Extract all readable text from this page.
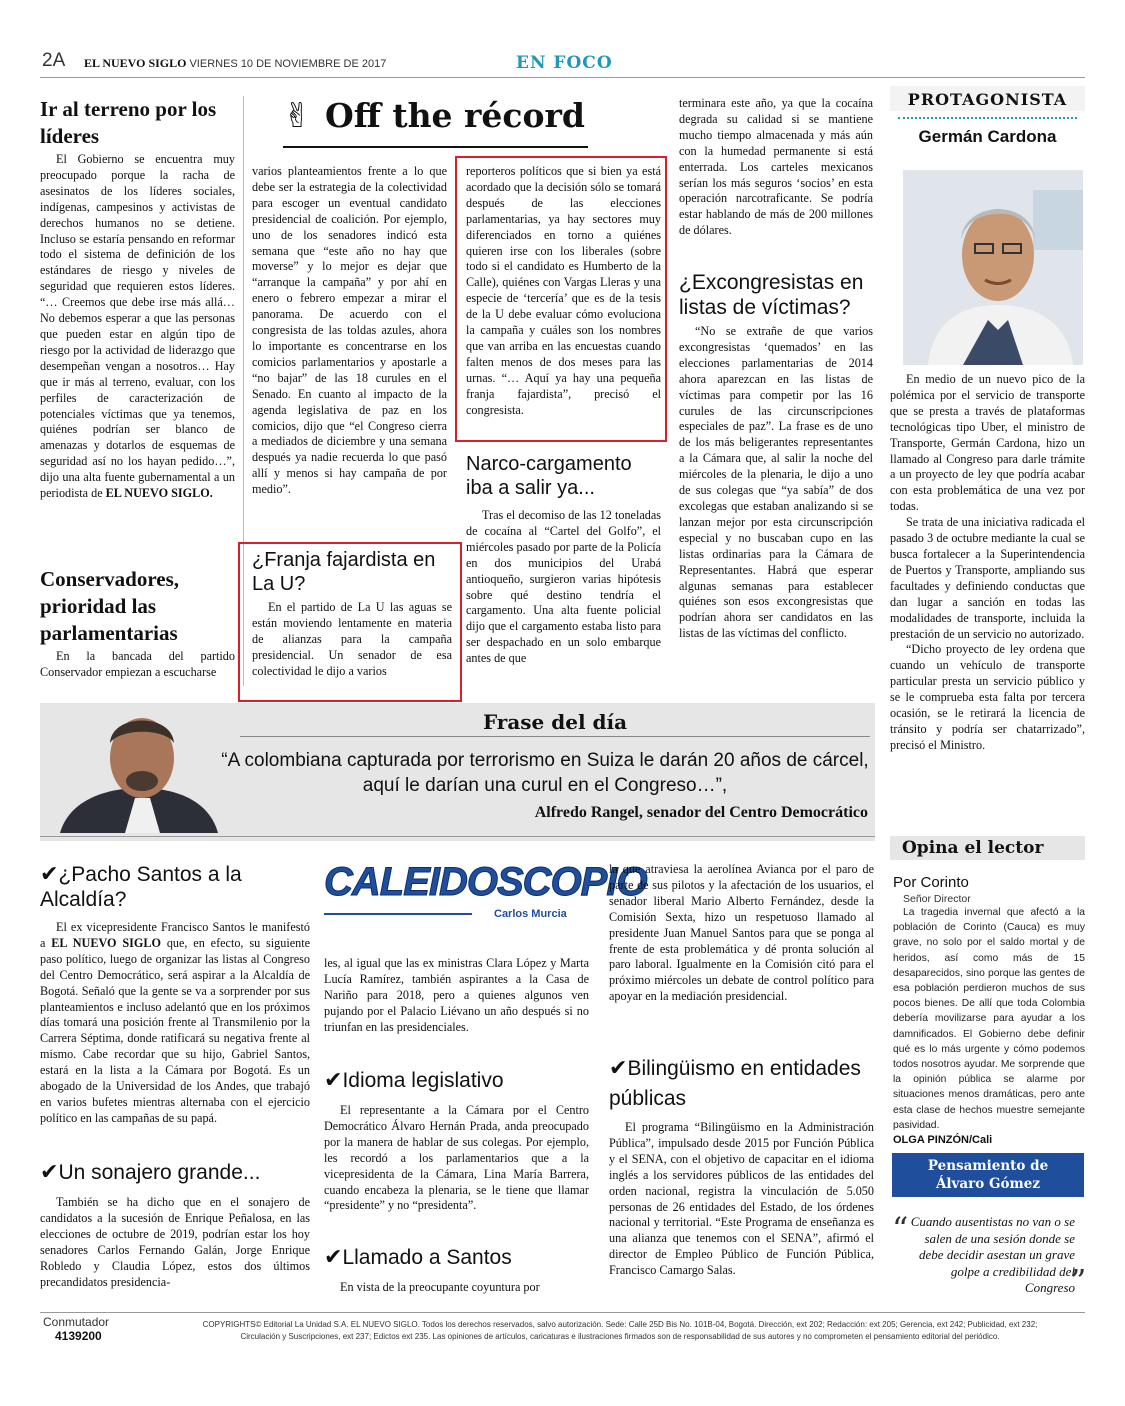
2A EL NUEVO SIGLO VIERNES 10 DE NOVIEMBRE DE 2017	EN FOCO
Ir al terreno por los líderes

El Gobierno se encuentra muy preocupado porque la racha de asesinatos de los líderes sociales, indígenas, campesinos y activistas de derechos humanos no se detiene. Incluso se estaría pensando en reformar todo el sistema de definición de los estándares de riesgo y niveles de seguridad que requieren estos líderes. “… Creemos que debe irse más allá… No debemos esperar a que las personas que pueden estar en algún tipo de riesgo por la actividad de liderazgo que desempeñan vengan a nosotros… Hay que ir más al terreno, evaluar, con los perfiles de caracterización de potenciales víctimas que ya tenemos, quiénes podrían ser blanco de amenazas y dotarlos de esquemas de seguridad así no los hayan pedido…”, dijo una alta fuente gubernamental a un periodista de EL NUEVO SIGLO.

Conservadores, prioridad las parlamentarias

En la bancada del partido Conservador empiezan a escucharse

✌ Off the récord

varios planteamientos frente a lo que debe ser la estrategia de la colectividad para escoger un eventual candidato presidencial de coalición. Por ejemplo, uno de los senadores indicó esta semana que “este año no hay que moverse” y lo mejor es dejar que “arranque la campaña” y por ahí en enero o febrero empezar a mirar el panorama. De acuerdo con el congresista de las toldas azules, ahora lo importante es concentrarse en los comicios parlamentarios y apostarle a “no bajar” de las 18 curules en el Senado. En cuanto al impacto de la agenda legislativa de paz en los comicios, dijo que “el Congreso cierra a mediados de diciembre y una semana después ya nadie recuerda lo que pasó allí y menos si hay campaña de por medio”.

¿Franja fajardista en La U?

En el partido de La U las aguas se están moviendo lentamente en materia de alianzas para la campaña presidencial. Un senador de esa colectividad le dijo a varios

reporteros políticos que si bien ya está acordado que la decisión sólo se tomará después de las elecciones parlamentarias, ya hay sectores muy diferenciados en torno a quiénes quieren irse con los liberales (sobre todo si el candidato es Humberto de la Calle), quiénes con Vargas Lleras y una especie de ‘tercería’ que es de la tesis de la U debe evaluar cómo evoluciona la campaña y cuáles son los nombres que van arriba en las encuestas cuando falten menos de dos meses para las urnas. “… Aquí ya hay una pequeña franja fajardista”, precisó el congresista.

Narco-cargamento iba a salir ya...

Tras el decomiso de las 12 toneladas de cocaína al “Cartel del Golfo”, el miércoles pasado por parte de la Policía en dos municipios del Urabá antioqueño, surgieron varias hipótesis sobre qué destino tendría el cargamento. Una alta fuente policial dijo que el cargamento estaba listo para ser despachado en un solo embarque antes de que

terminara este año, ya que la cocaína degrada su calidad si se mantiene mucho tiempo almacenada y más aún con la humedad permanente si está enterrada. Los carteles mexicanos serían los más seguros ‘socios’ en esta operación narcotraficante. Se podría estar hablando de más de 200 millones de dólares.

¿Excongresistas en listas de víctimas?

“No se extrañe de que varios excongresistas ‘quemados’ en las elecciones parlamentarias de 2014 ahora aparezcan en las listas de víctimas para competir por las 16 curules de las circunscripciones especiales de paz”. La frase es de uno de los más beligerantes representantes a la Cámara que, al salir la noche del miércoles de la plenaria, le dijo a uno de sus colegas que “ya sabía” de dos excolegas que estaban analizando si se lanzan mejor por esta circunscripción especial y no buscaban cupo en las listas ordinarias para la Cámara de Representantes. Habrá que esperar algunas semanas para establecer quiénes son esos excongresistas que podrían ahora ser candidatos en las listas de las víctimas del conflicto.

PROTAGONISTA
Germán Cardona

En medio de un nuevo pico de la polémica por el servicio de transporte que se presta a través de plataformas tecnológicas tipo Uber, el ministro de Transporte, Germán Cardona, hizo un llamado al Congreso para darle trámite a un proyecto de ley que podría acabar con esta problemática de una vez por todas.

Se trata de una iniciativa radicada el pasado 3 de octubre mediante la cual se busca fortalecer a la Superintendencia de Puertos y Transporte, ampliando sus facultades y definiendo conductas que dan lugar a sanción en todas las modalidades de transporte, incluida la prestación de un servicio no autorizado.

“Dicho proyecto de ley ordena que cuando un vehículo de transporte particular presta un servicio público y se le comprueba esta falta por tercera ocasión, se le retirará la licencia de tránsito y podría ser chatarrizado”, precisó el Ministro.

Frase del día
“A colombiana capturada por terrorismo en Suiza le darán 20 años de cárcel,
aquí le darían una curul en el Congreso…”,
Alfredo Rangel, senador del Centro Democrático
✔¿Pacho Santos a la Alcaldía?

El ex vicepresidente Francisco Santos le manifestó a EL NUEVO SIGLO que, en efecto, su siguiente paso político, luego de organizar las listas al Congreso del Centro Democrático, será aspirar a la Alcaldía de Bogotá. Señaló que la gente se va a sorprender por sus planteamientos e incluso adelantó que en los próximos días tomará una posición frente al Transmilenio por la Carrera Séptima, donde ratificará su negativa frente al mismo. Cabe recordar que su hijo, Gabriel Santos, estará en la lista a la Cámara por Bogotá. Es un abogado de la Universidad de los Andes, que trabajó en varios bufetes mientras alternaba con el ejercicio político en las campañas de su papá.

✔Un sonajero grande...

También se ha dicho que en el sonajero de candidatos a la sucesión de Enrique Peñalosa, en las elecciones de octubre de 2019, podrían estar los hoy senadores Carlos Fernando Galán, Jorge Enrique Robledo y Claudia López, estos dos últimos precandidatos presidencia-

CALEIDOSCOPIO
Carlos Murcia

les, al igual que las ex ministras Clara López y Marta Lucía Ramírez, también aspirantes a la Casa de Nariño para 2018, pero a quienes algunos ven pujando por el Palacio Liévano un año después si no triunfan en las presidenciales.

✔Idioma legislativo

El representante a la Cámara por el Centro Democrático Álvaro Hernán Prada, anda preocupado por la manera de hablar de sus colegas. Por ejemplo, les recordó a los parlamentarios que a la vicepresidenta de la Cámara, Lina María Barrera, cuando encabeza la plenaria, se le tiene que llamar “presidente” y no “presidenta”.

✔Llamado a Santos

En vista de la preocupante coyuntura por

la que atraviesa la aerolínea Avianca por el paro de parte de sus pilotos y la afectación de los usuarios, el senador liberal Mario Alberto Fernández, desde la Comisión Sexta, hizo un respetuoso llamado al presidente Juan Manuel Santos para que se ponga al frente de esta problemática y dé pronta solución al paro laboral. Igualmente en la Comisión citó para el próximo miércoles un debate de control político para apoyar en la mediación presidencial.

✔Bilingüismo en entidades públicas

El programa “Bilingüismo en la Administración Pública”, impulsado desde 2015 por Función Pública y el SENA, con el objetivo de capacitar en el idioma inglés a los servidores públicos de las entidades del orden nacional, registra la vinculación de 5.050 personas de 26 entidades del Estado, de los órdenes nacional y territorial. “Este Programa de enseñanza es una alianza que tenemos con el SENA”, afirmó el director de Empleo Público de Función Pública, Francisco Camargo Salas.

Opina el lector
Por Corinto
Señor Director
La tragedia invernal que afectó a la población de Corinto (Cauca) es muy grave, no solo por el saldo mortal y de heridos, así como más de 15 desaparecidos, sino porque las gentes de esa población perdieron muchos de sus pocos bienes. De allí que toda Colombia debería movilizarse para ayudar a los damnificados. El Gobierno debe definir qué es lo más urgente y cómo podemos todos nosotros ayudar. Me sorprende que la opinión pública se alarme por situaciones menos dramáticas, pero ante esta clase de hechos muestre semejante pasividad.
OLGA PINZÓN/Cali
Pensamiento de
Álvaro Gómez
“ Cuando ausentistas no van o se salen de una sesión donde se debe decidir asestan un grave golpe a credibilidad del Congreso
”
Conmutador
4139200
COPYRIGHTS© Editorial La Unidad S.A. EL NUEVO SIGLO. Todos los derechos reservados, salvo autorización. Sede: Calle 25D Bis No. 101B-04, Bogotá. Dirección, ext 202; Redacción: ext 205; Gerencia, ext 242; Publicidad, ext 232;
Circulación y Suscripciones, ext 237; Edictos ext 235. Las opiniones de artículos, caricaturas e ilustraciones firmados son de responsabilidad de sus autores y no comprometen el pensamiento editorial del periódico.
